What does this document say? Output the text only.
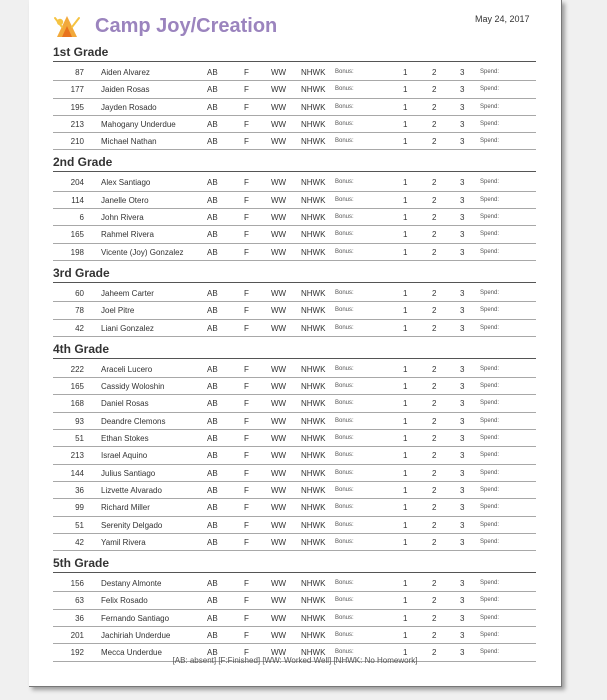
Camp Joy/Creation	May 24, 2017
1st Grade
87 Aiden Alvarez	AB	F	WW NHWK Bonus:	1	2	3	Spend:
177 Jaiden Rosas	AB	F	WW NHWK Bonus:	1	2	3	Spend:
195 Jayden Rosado	AB	F	WW NHWK Bonus:	1	2	3	Spend:
213 Mahogany Underdue	AB	F	WW NHWK Bonus:	1	2	3	Spend:
210 Michael Nathan	AB	F	WW NHWK Bonus:	1	2	3	Spend:
2nd Grade
204 Alex Santiago	AB	F	WW NHWK Bonus:	1	2	3	Spend:
114 Janelle Otero	AB	F	WW NHWK Bonus:	1	2	3	Spend:
6 John Rivera	AB	F	WW NHWK Bonus:	1	2	3	Spend:
165 Rahmel Rivera	AB	F	WW NHWK Bonus:	1	2	3	Spend:
198 Vicente (Joy) Gonzalez	AB	F	WW NHWK Bonus:	1	2	3	Spend:
3rd Grade
60 Jaheem Carter	AB	F	WW NHWK Bonus:	1	2	3	Spend:
78 Joel Pitre	AB	F	WW NHWK Bonus:	1	2	3	Spend:
42 Liani Gonzalez	AB	F	WW NHWK Bonus:	1	2	3	Spend:
4th Grade
222 Araceli Lucero	AB	F	WW NHWK Bonus:	1	2	3	Spend:
165 Cassidy Woloshin	AB	F	WW NHWK Bonus:	1	2	3	Spend:
168 Daniel Rosas	AB	F	WW NHWK Bonus:	1	2	3	Spend:
93 Deandre Clemons	AB	F	WW NHWK Bonus:	1	2	3	Spend:
51 Ethan Stokes	AB	F	WW NHWK Bonus:	1	2	3	Spend:
213 Israel Aquino	AB	F	WW NHWK Bonus:	1	2	3	Spend:
144 Julius Santiago	AB	F	WW NHWK Bonus:	1	2	3	Spend:
36 Lizvette Alvarado	AB	F	WW NHWK Bonus:	1	2	3	Spend:
99 Richard Miller	AB	F	WW NHWK Bonus:	1	2	3	Spend:
51 Serenity Delgado	AB	F	WW NHWK Bonus:	1	2	3	Spend:
42 Yamil Rivera	AB	F	WW NHWK Bonus:	1	2	3	Spend:
5th Grade
156 Destany Almonte	AB	F	WW NHWK Bonus:	1	2	3	Spend:
63 Felix Rosado	AB	F	WW NHWK Bonus:	1	2	3	Spend:
36 Fernando Santiago	AB	F	WW NHWK Bonus:	1	2	3	Spend:
201 Jachiriah Underdue	AB	F	WW NHWK Bonus:	1	2	3	Spend:
192 Mecca Underdue	AB	F	WW NHWK Bonus:	1	2	3	Spend:
[AB: absent] [F:Finished] [WW: Worked Well] [NHWK: No Homework]
